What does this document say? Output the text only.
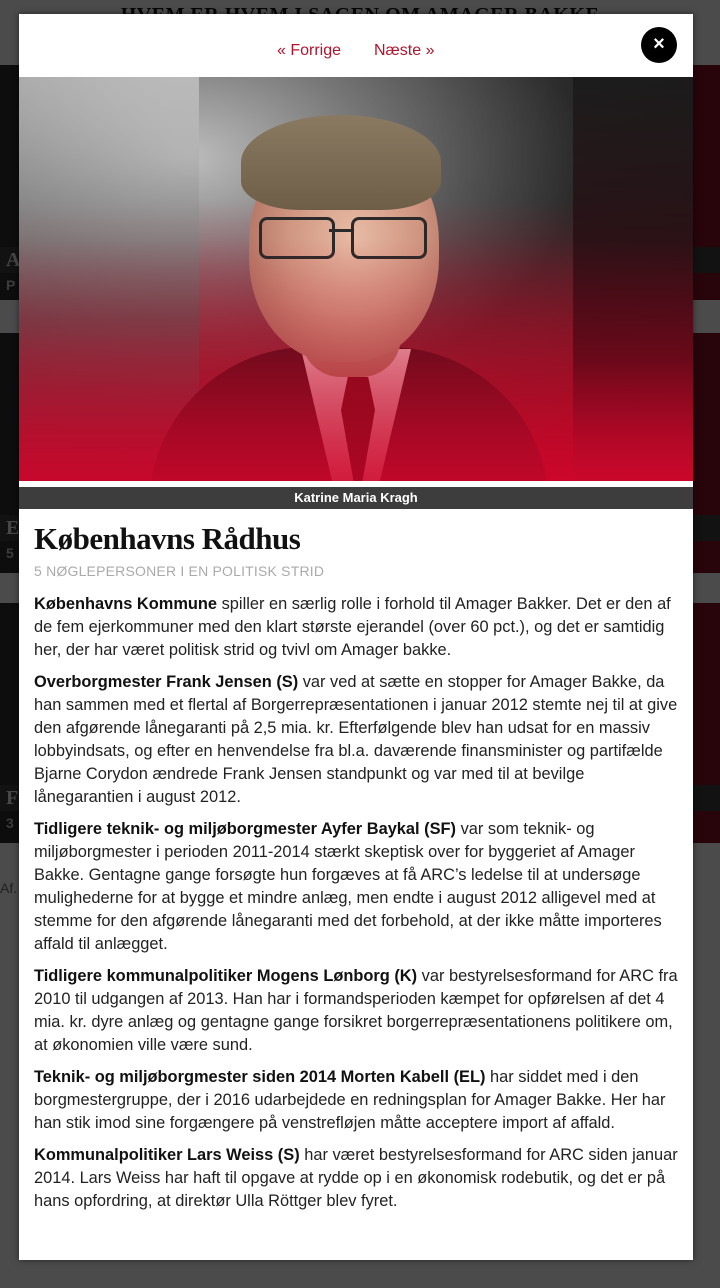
« Forrige Næste »	×
Katrine Maria Kragh
Københavns Rådhus
5 NØGLEPERSONER I EN POLITISK STRID

Københavns Kommune spiller en særlig rolle i forhold til Amager Bakker. Det er den af de fem ejerkommuner med den klart største ejerandel (over 60 pct.), og det er samtidig her, der har været politisk strid og tvivl om Amager bakke.

Overborgmester Frank Jensen (S) var ved at sætte en stopper for Amager Bakke, da han sammen med et flertal af Borgerrepræsentationen i januar 2012 stemte nej til at give den afgørende lånegaranti på 2,5 mia. kr. Efterfølgende blev han udsat for en massiv lobbyindsats, og efter en henvendelse fra bl.a. daværende finansminister og partifælde Bjarne Corydon ændrede Frank Jensen standpunkt og var med til at bevilge lånegarantien i august 2012.

Tidligere teknik- og miljøborgmester Ayfer Baykal (SF) var som teknik- og miljøborgmester i perioden 2011-2014 stærkt skeptisk over for byggeriet af Amager Bakke. Gentagne gange forsøgte hun forgæves at få ARC’s ledelse til at undersøge mulighederne for at bygge et mindre anlæg, men endte i august 2012 alligevel med at stemme for den afgørende lånegaranti med det forbehold, at der ikke måtte importeres affald til anlægget.

Tidligere kommunalpolitiker Mogens Lønborg (K) var bestyrelsesformand for ARC fra 2010 til udgangen af 2013. Han har i formandsperioden kæmpet for opførelsen af det 4 mia. kr. dyre anlæg og gentagne gange forsikret borgerrepræsentationens politikere om, at økonomien ville være sund.

Teknik- og miljøborgmester siden 2014 Morten Kabell (EL) har siddet med i den borgmestergruppe, der i 2016 udarbejdede en redningsplan for Amager Bakke. Her har han stik imod sine forgængere på venstrefløjen måtte acceptere import af affald.

Kommunalpolitiker Lars Weiss (S) har været bestyrelsesformand for ARC siden januar 2014. Lars Weiss har haft til opgave at rydde op i en økonomisk rodebutik, og det er på hans opfordring, at direktør Ulla Röttger blev fyret.
